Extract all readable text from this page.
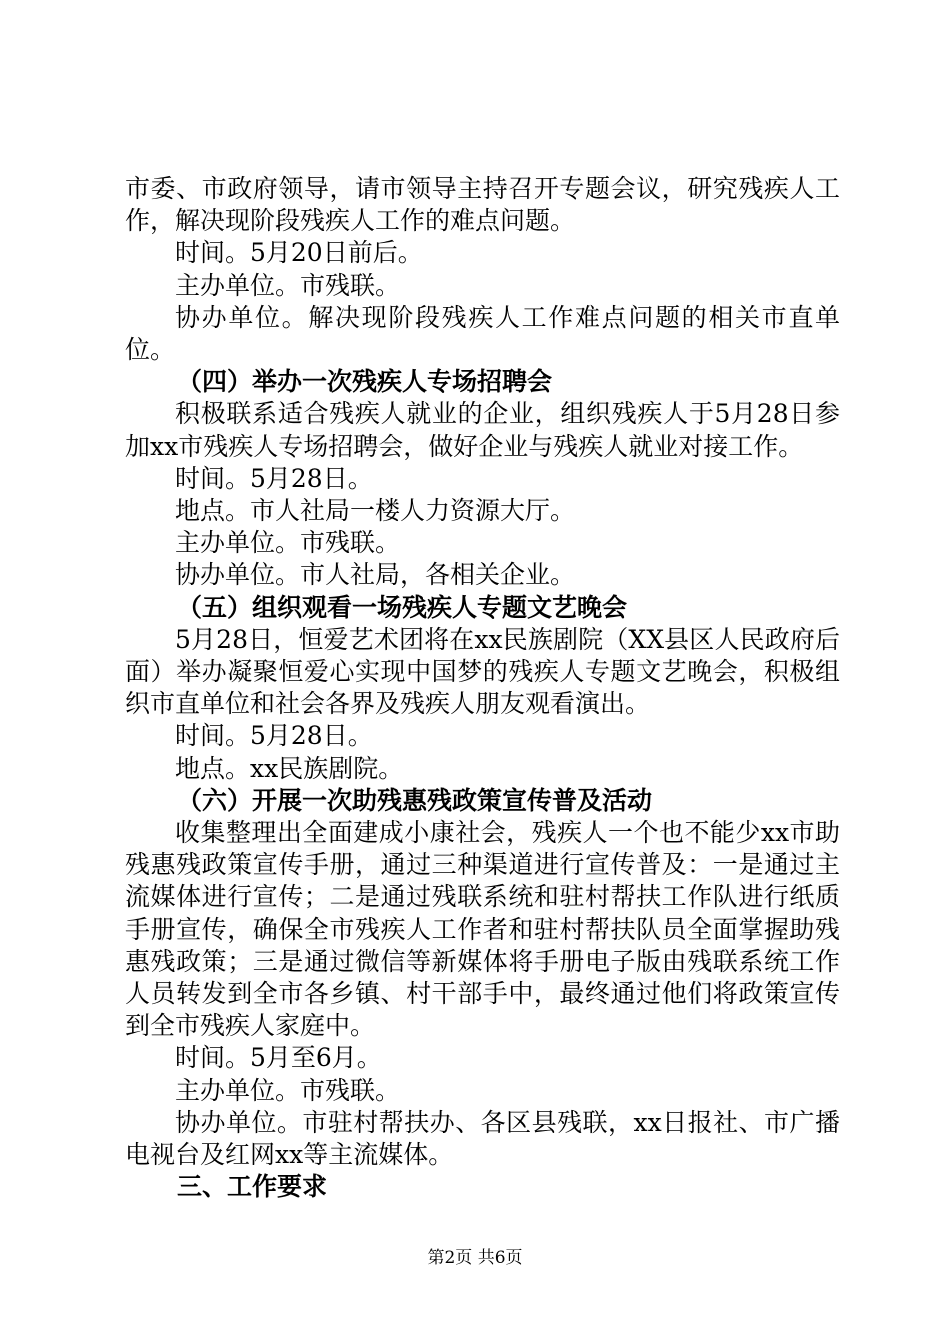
市委、市政府领导，请市领导主持召开专题会议，研究残疾人工作，解决现阶段残疾人工作的难点问题。

时间。5月20日前后。

主办单位。市残联。

协办单位。解决现阶段残疾人工作难点问题的相关市直单位。

（四）举办一次残疾人专场招聘会

积极联系适合残疾人就业的企业，组织残疾人于5月28日参加xx市残疾人专场招聘会，做好企业与残疾人就业对接工作。

时间。5月28日。

地点。市人社局一楼人力资源大厅。

主办单位。市残联。

协办单位。市人社局，各相关企业。

（五）组织观看一场残疾人专题文艺晚会

5月28日，恒爱艺术团将在xx民族剧院（XX县区人民政府后面）举办凝聚恒爱心实现中国梦的残疾人专题文艺晚会，积极组织市直单位和社会各界及残疾人朋友观看演出。

时间。5月28日。

地点。xx民族剧院。

（六）开展一次助残惠残政策宣传普及活动

收集整理出全面建成小康社会，残疾人一个也不能少xx市助残惠残政策宣传手册，通过三种渠道进行宣传普及：一是通过主流媒体进行宣传；二是通过残联系统和驻村帮扶工作队进行纸质手册宣传，确保全市残疾人工作者和驻村帮扶队员全面掌握助残惠残政策；三是通过微信等新媒体将手册电子版由残联系统工作人员转发到全市各乡镇、村干部手中，最终通过他们将政策宣传到全市残疾人家庭中。

时间。5月至6月。

主办单位。市残联。

协办单位。市驻村帮扶办、各区县残联，xx日报社、市广播电视台及红网xx等主流媒体。

三、工作要求

第2页 共6页
